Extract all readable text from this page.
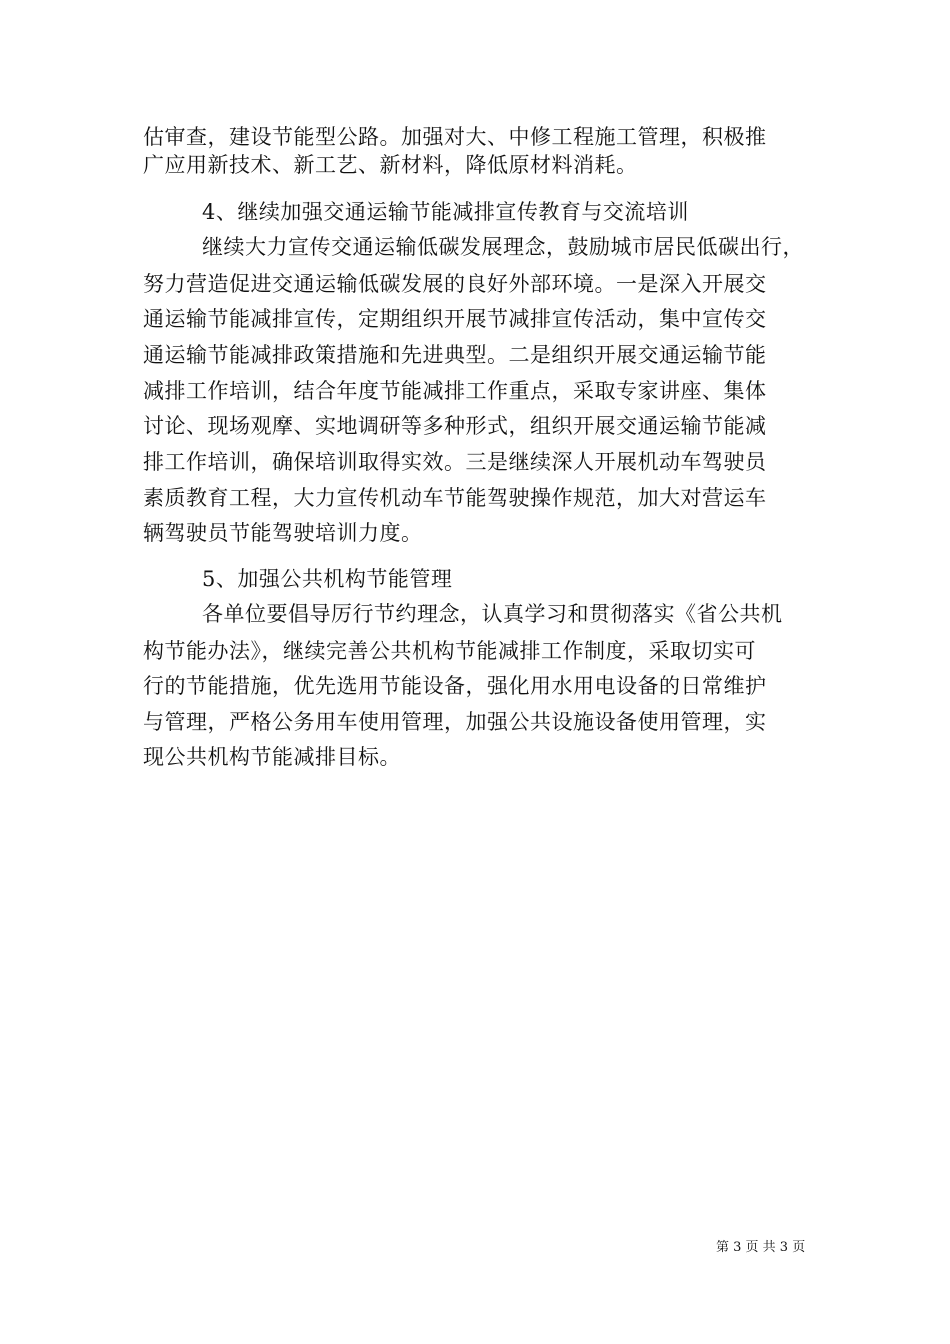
估审查，建设节能型公路。加强对大、中修工程施工管理，积极推
广应用新技术、新工艺、新材料，降低原材料消耗。
4、继续加强交通运输节能减排宣传教育与交流培训
继续大力宣传交通运输低碳发展理念，鼓励城市居民低碳出行，
努力营造促进交通运输低碳发展的良好外部环境。一是深入开展交
通运输节能减排宣传，定期组织开展节减排宣传活动，集中宣传交
通运输节能减排政策措施和先进典型。二是组织开展交通运输节能
减排工作培训，结合年度节能减排工作重点，采取专家讲座、集体
讨论、现场观摩、实地调研等多种形式，组织开展交通运输节能减
排工作培训，确保培训取得实效。三是继续深人开展机动车驾驶员
素质教育工程，大力宣传机动车节能驾驶操作规范，加大对营运车
辆驾驶员节能驾驶培训力度。
5、加强公共机构节能管理
各单位要倡导厉行节约理念，认真学习和贯彻落实《省公共机
构节能办法》，继续完善公共机构节能减排工作制度，采取切实可
行的节能措施，优先选用节能设备，强化用水用电设备的日常维护
与管理，严格公务用车使用管理，加强公共设施设备使用管理，实
现公共机构节能减排目标。
第 3 页 共 3 页
